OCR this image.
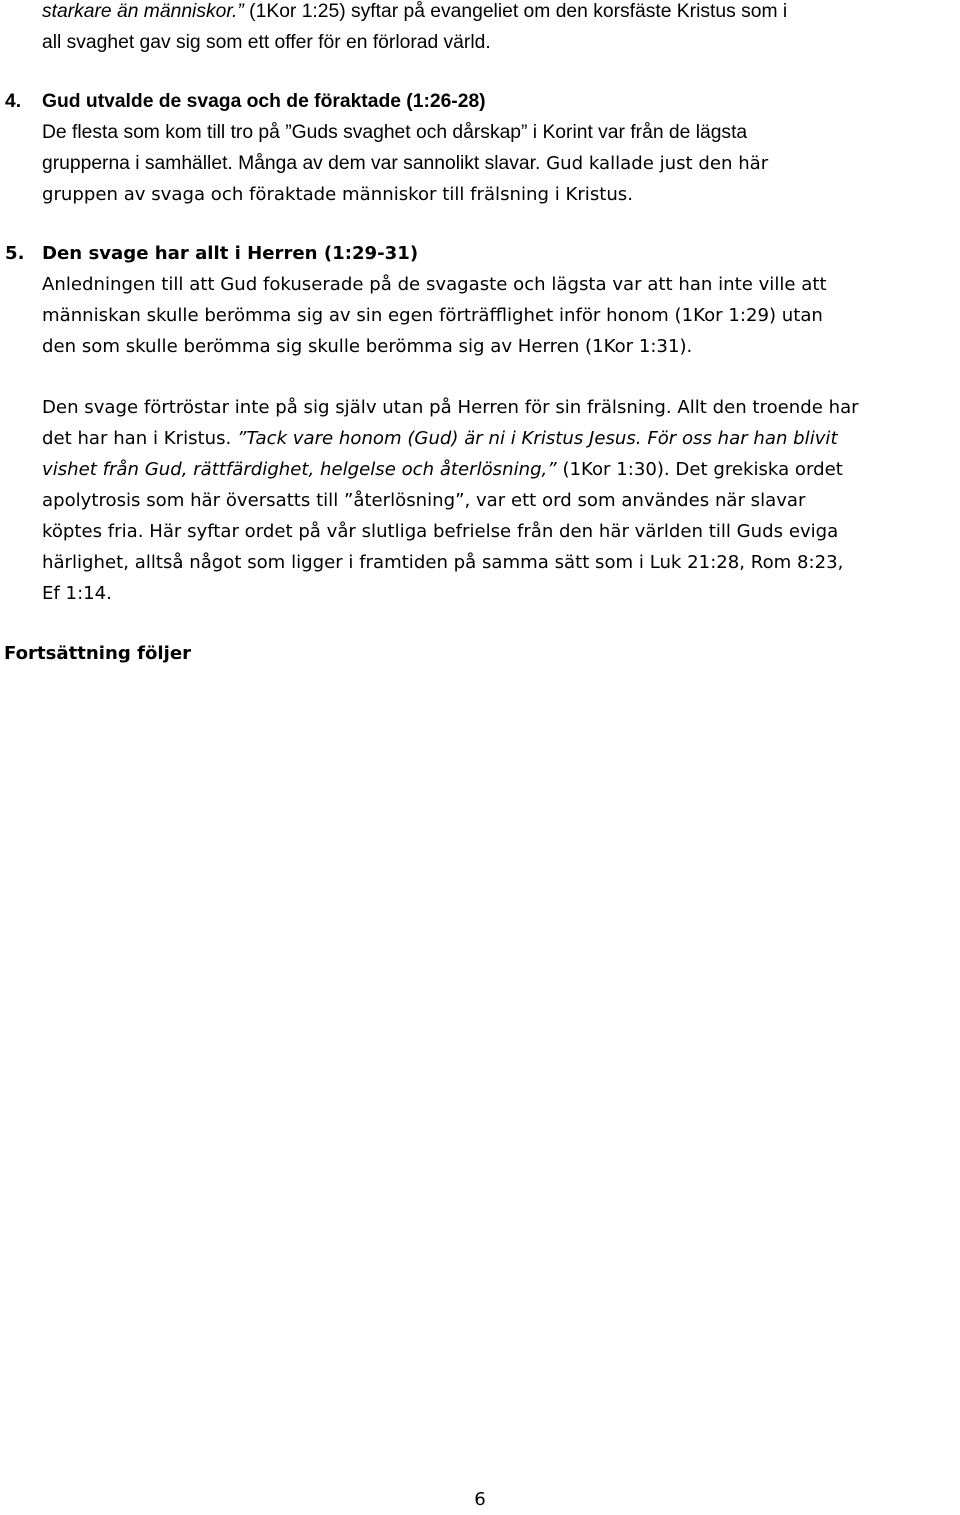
starkare än människor.” (1Kor 1:25) syftar på evangeliet om den korsfäste Kristus som i
all svaghet gav sig som ett offer för en förlorad värld.
4. Gud utvalde de svaga och de föraktade (1:26-28)
De flesta som kom till tro på ”Guds svaghet och dårskap” i Korint var från de lägsta
grupperna i samhället. Många av dem var sannolikt slavar. Gud kallade just den här
gruppen av svaga och föraktade människor till frälsning i Kristus.
5. Den svage har allt i Herren (1:29-31)
Anledningen till att Gud fokuserade på de svagaste och lägsta var att han inte ville att
människan skulle berömma sig av sin egen förträfflighet inför honom (1Kor 1:29) utan
den som skulle berömma sig skulle berömma sig av Herren (1Kor 1:31).
Den svage förtröstar inte på sig själv utan på Herren för sin frälsning. Allt den troende har
det har han i Kristus. ”Tack vare honom (Gud) är ni i Kristus Jesus. För oss har han blivit
vishet från Gud, rättfärdighet, helgelse och återlösning,” (1Kor 1:30). Det grekiska ordet
apolytrosis som här översatts till ”återlösning”, var ett ord som användes när slavar
köptes fria. Här syftar ordet på vår slutliga befrielse från den här världen till Guds eviga
härlighet, alltså något som ligger i framtiden på samma sätt som i Luk 21:28, Rom 8:23,
Ef 1:14.
Fortsättning följer
6
